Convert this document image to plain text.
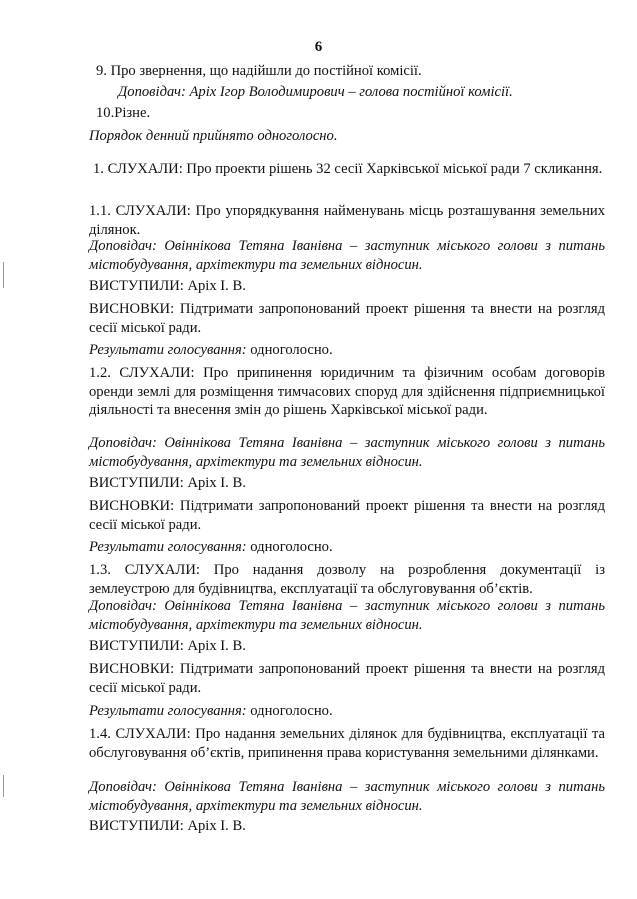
6
9. Про звернення, що надійшли до постійної комісії.
Доповідач: Аріх Ігор Володимирович – голова постійної комісії.
10.Різне.
Порядок денний прийнято одноголосно.
1. СЛУХАЛИ: Про проекти рішень 32 сесії Харківської міської ради 7 скликання.
1.1. СЛУХАЛИ: Про упорядкування найменувань місць розташування земельних ділянок.
Доповідач: Овіннікова Тетяна Іванівна – заступник міського голови з питань містобудування, архітектури та земельних відносин.
ВИСТУПИЛИ: Аріх І. В.
ВИСНОВКИ: Підтримати запропонований проект рішення та внести на розгляд сесії міської ради.
Результати голосування: одноголосно.
1.2. СЛУХАЛИ: Про припинення юридичним та фізичним особам договорів оренди землі для розміщення тимчасових споруд для здійснення підприємницької діяльності та внесення змін до рішень Харківської міської ради.
Доповідач: Овіннікова Тетяна Іванівна – заступник міського голови з питань містобудування, архітектури та земельних відносин.
ВИСТУПИЛИ: Аріх І. В.
ВИСНОВКИ: Підтримати запропонований проект рішення та внести на розгляд сесії міської ради.
Результати голосування: одноголосно.
1.3. СЛУХАЛИ: Про надання дозволу на розроблення документації із землеустрою для будівництва, експлуатації та обслуговування об’єктів.
Доповідач: Овіннікова Тетяна Іванівна – заступник міського голови з питань містобудування, архітектури та земельних відносин.
ВИСТУПИЛИ: Аріх І. В.
ВИСНОВКИ: Підтримати запропонований проект рішення та внести на розгляд сесії міської ради.
Результати голосування: одноголосно.
1.4. СЛУХАЛИ: Про надання земельних ділянок для будівництва, експлуатації та обслуговування об’єктів, припинення права користування земельними ділянками.
Доповідач: Овіннікова Тетяна Іванівна – заступник міського голови з питань містобудування, архітектури та земельних відносин.
ВИСТУПИЛИ: Аріх І. В.
